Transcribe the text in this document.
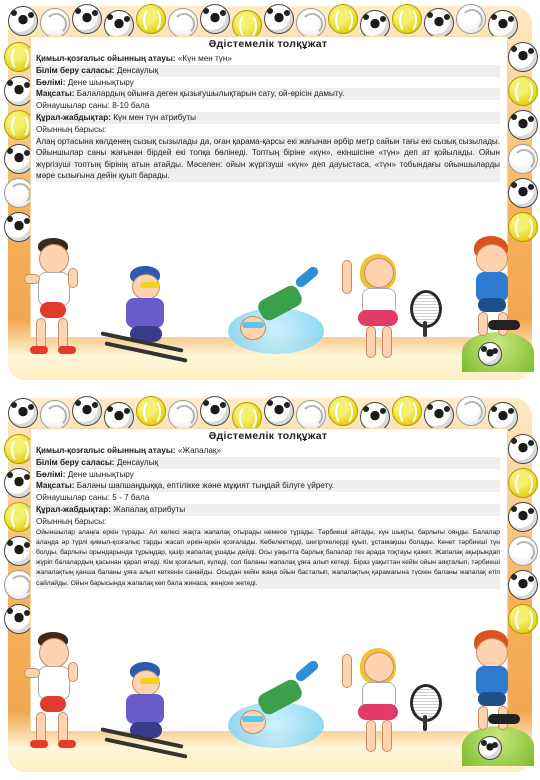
Әдістемелік толқұжат

Қимыл-қозғалыс ойынның атауы: «Күн мен түн»

Білім беру саласы: Денсаулық

Бөлімі: Дене шынықтыру

Мақсаты: Балалардың ойынға деген қызығушылықтарын сату, ой-өрісін дамыту.

Ойнаушылар саны: 8-10 бала

Құрал-жабдықтар: Күн мен түн атрибуты

Ойынның барысы:

Алаң ортасына көлденең сызық сызылады да, оған қарама-қарсы екі жағынан әрбір метр сайын тағы екі сызық сызылады. Ойыншылар саны жағынан бірдей екі топқа бөлінеді. Топтың біріне «күн», екіншісіне «түн» деп ат қойылады. Ойын жүргізуші топтың бірінің атын атайды. Мәселен: ойын жүргізуші «күн» деп дауыстаса, «түн» тобындағы ойыншыларды мәре сызығына дейін қуып барады.

Әдістемелік толқұжат

Қимыл-қозғалыс ойынның атауы: «Жапалақ»

Білім беру саласы: Денсаулық

Бөлімі: Дене шынықтыру

Мақсаты: Баланы шапшаңдыққа, ептілікке және мұқият тыңдай білуге үйрету.

Ойнаушылар саны: 5 - 7 бала

Құрал-жабдықтар: Жапалақ атрибуты

Ойынның барысы:

Ойыншылар алаңға еркін түрады. Ал келесі жақта жапалақ отырады немесе тұрады. Тәрбиеші айтады, күн шықты, барлығы ояңды. Балалар алаңда әр түрлі қимыл-қозғалыс тарды жасап еркін-еркін қозғалады. Көбелектерді, шегірткелерді қуып, ұстамақшы болады. Кенет тәрбиеші түн болды, барлығы орындарында тұрыңдар, қазір жапалақ ұшады дейді. Осы уақытта барлық балалар тез арада тоқтауы қажет. Жапалақ ақырындап жүріп балалардың қасынан қарап өтеді. Кім қозғалып, күледі, сол баланы жапалақ ұяға алып кетеді. Біраз уақыттан кейін ойын аяқталып, тәрбиеші жапалақтың қанша баланы ұяға алып кеткенін санайды. Осыдан кейін жаңа ойын басталып, жапалақтың қарамағына түскен баланы жапалақ етіп сайлайды. Ойын барысында жапалақ көп бала жинаса, жеңіске жетеді.
